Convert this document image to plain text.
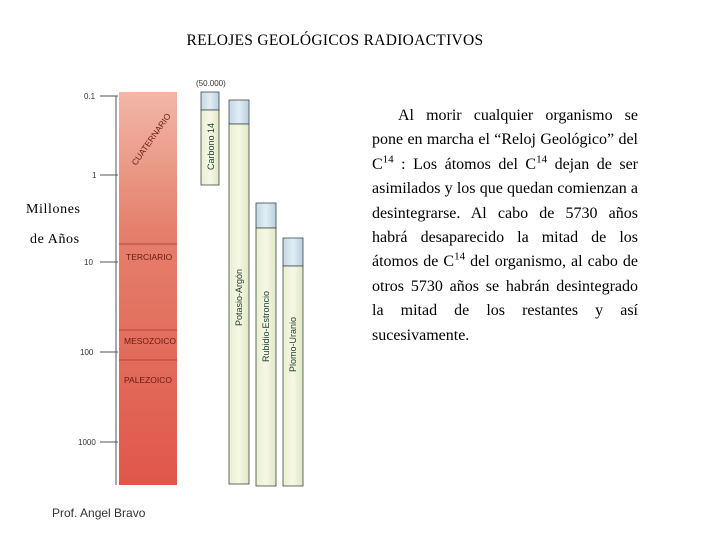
RELOJES GEOLÓGICOS RADIOACTIVOS
Millones
de Años
0.1
1
10
100
1000
CUATERNARIO
TERCIARIO
MESOZOICO
PALEZOICO
(50.000)
Carbono 14
Potasio-Argón Rubidio-Estroncio Plomo-Uranio

Al morir cualquier organismo se pone en marcha el “Reloj Geológico” del $C^{14}$ : Los átomos del $C^{14}$ dejan de ser asimilados y los que quedan comienzan a desintegrarse. Al cabo de 5730 años habrá desaparecido la mitad de los átomos de $C^{14}$ del organismo, al cabo de otros 5730 años se habrán desintegrado la mitad de los restantes y así sucesivamente.

Prof. Angel Bravo
